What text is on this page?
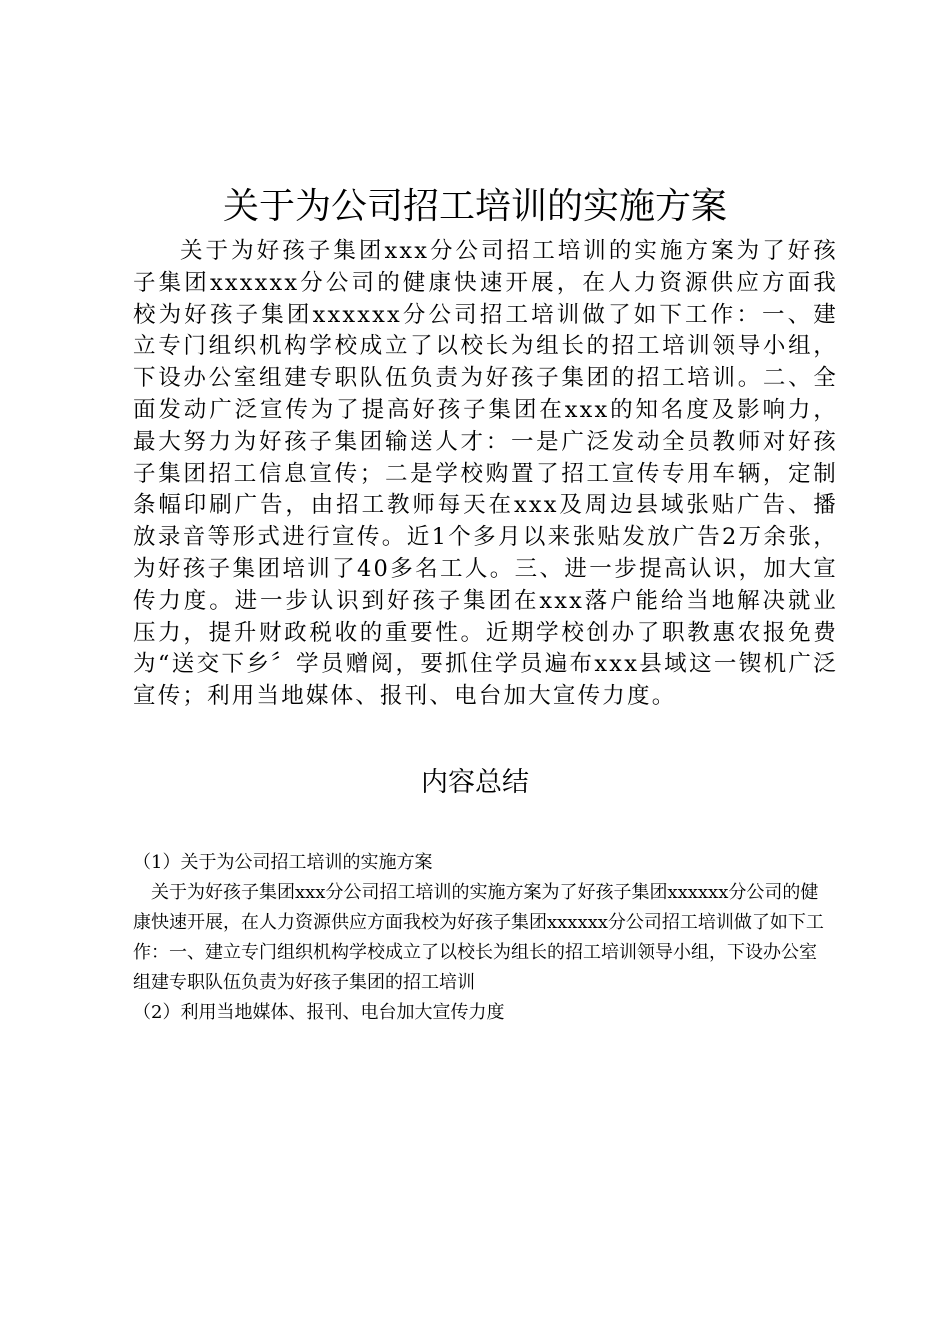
关于为公司招工培训的实施方案

关于为好孩子集团xxx分公司招工培训的实施方案为了好孩子集团xxxxxx分公司的健康快速开展，在人力资源供应方面我校为好孩子集团xxxxxx分公司招工培训做了如下工作：一、建立专门组织机构学校成立了以校长为组长的招工培训领导小组，下设办公室组建专职队伍负责为好孩子集团的招工培训。二、全面发动广泛宣传为了提高好孩子集团在xxx的知名度及影响力，最大努力为好孩子集团输送人才：一是广泛发动全员教师对好孩子集团招工信息宣传；二是学校购置了招工宣传专用车辆，定制条幅印刷广告，由招工教师每天在xxx及周边县域张贴广告、播放录音等形式进行宣传。近1个多月以来张贴发放广告2万余张，为好孩子集团培训了40多名工人。三、进一步提高认识，加大宣传力度。进一步认识到好孩子集团在xxx落户能给当地解决就业压力，提升财政税收的重要性。近期学校创办了职教惠农报免费为“送交下乡〞学员赠阅，要抓住学员遍布xxx县域这一锲机广泛宣传；利用当地媒体、报刊、电台加大宣传力度。

内容总结

（1）关于为公司招工培训的实施方案

关于为好孩子集团xxx分公司招工培训的实施方案为了好孩子集团xxxxxx分公司的健康快速开展，在人力资源供应方面我校为好孩子集团xxxxxx分公司招工培训做了如下工作：一、建立专门组织机构学校成立了以校长为组长的招工培训领导小组，下设办公室组建专职队伍负责为好孩子集团的招工培训

（2）利用当地媒体、报刊、电台加大宣传力度
